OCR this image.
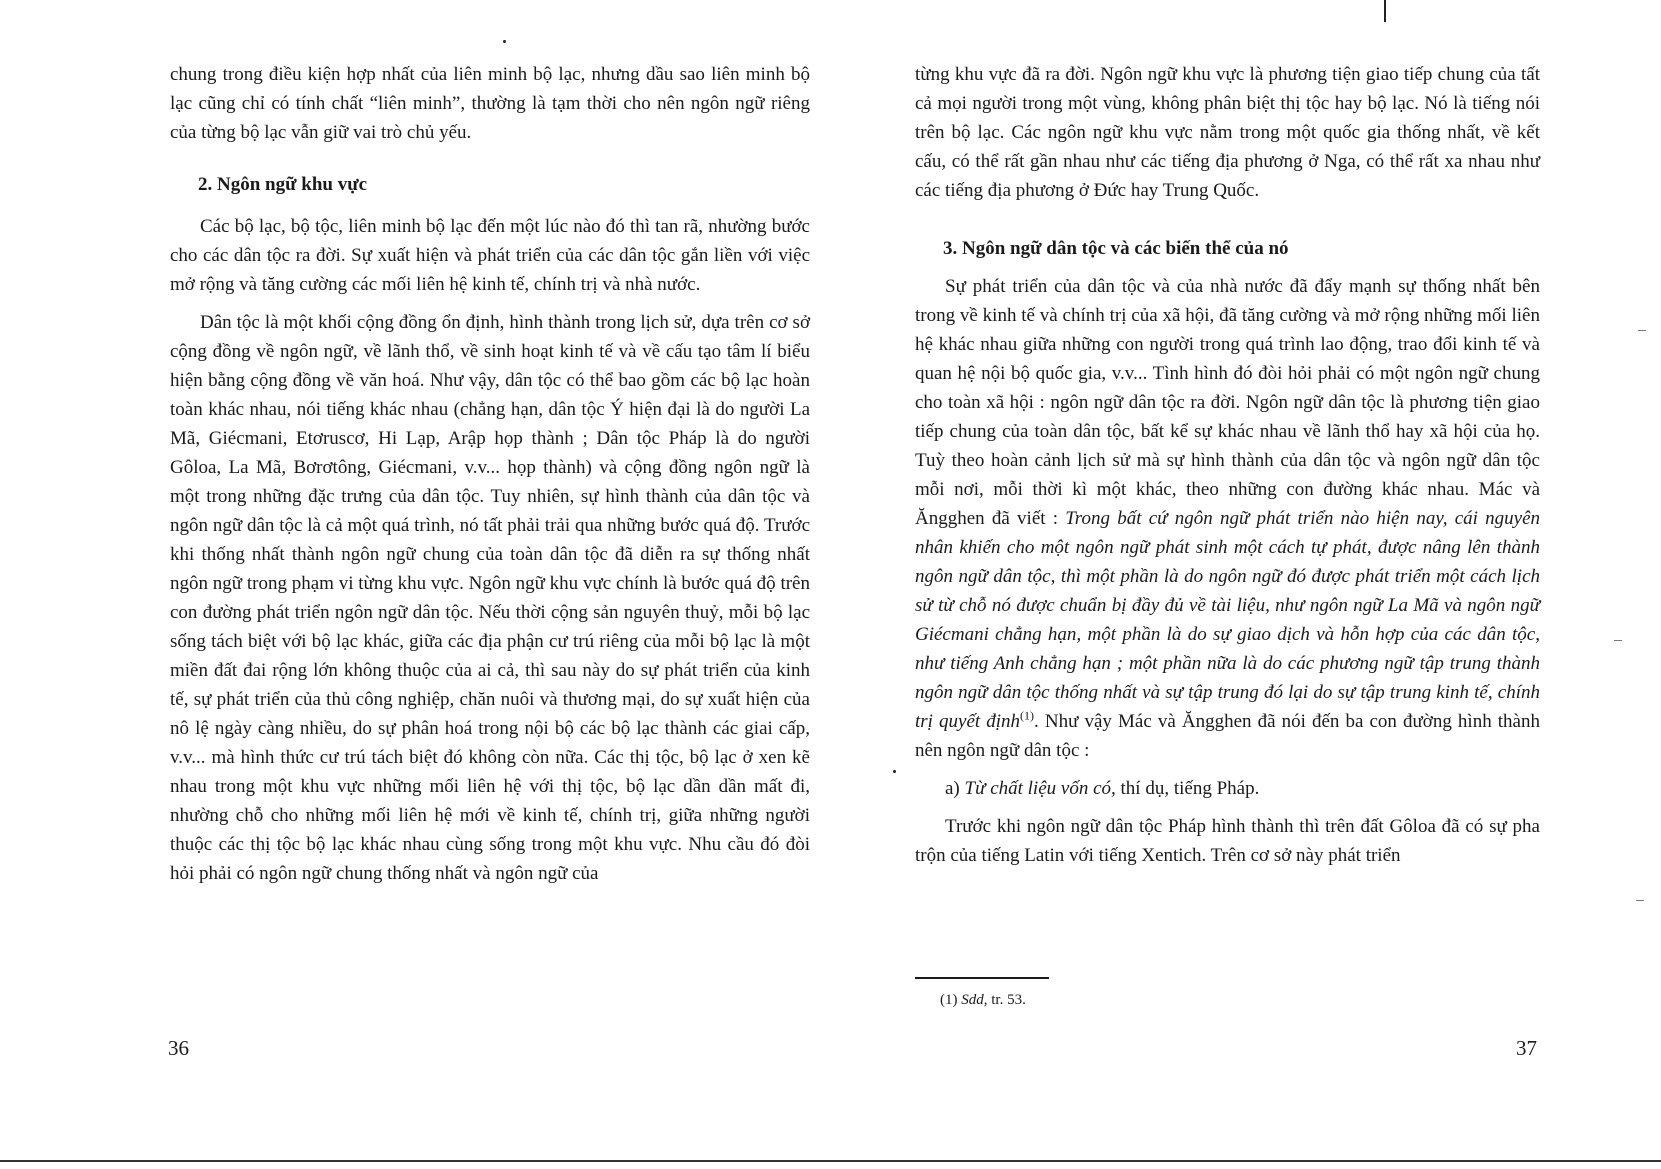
chung trong điều kiện hợp nhất của liên minh bộ lạc, nhưng dầu sao liên minh bộ lạc cũng chỉ có tính chất “liên minh”, thường là tạm thời cho nên ngôn ngữ riêng của từng bộ lạc vẫn giữ vai trò chủ yếu.

2. Ngôn ngữ khu vực

Các bộ lạc, bộ tộc, liên minh bộ lạc đến một lúc nào đó thì tan rã, nhường bước cho các dân tộc ra đời. Sự xuất hiện và phát triển của các dân tộc gắn liền với việc mở rộng và tăng cường các mối liên hệ kinh tế, chính trị và nhà nước.

Dân tộc là một khối cộng đồng ổn định, hình thành trong lịch sử, dựa trên cơ sở cộng đồng về ngôn ngữ, về lãnh thổ, về sinh hoạt kinh tế và về cấu tạo tâm lí biểu hiện bằng cộng đồng về văn hoá. Như vậy, dân tộc có thể bao gồm các bộ lạc hoàn toàn khác nhau, nói tiếng khác nhau (chẳng hạn, dân tộc Ý hiện đại là do người La Mã, Giécmani, Etơruscơ, Hi Lạp, Arập họp thành ; Dân tộc Pháp là do người Gôloa, La Mã, Bơrơtông, Giécmani, v.v... họp thành) và cộng đồng ngôn ngữ là một trong những đặc trưng của dân tộc. Tuy nhiên, sự hình thành của dân tộc và ngôn ngữ dân tộc là cả một quá trình, nó tất phải trải qua những bước quá độ. Trước khi thống nhất thành ngôn ngữ chung của toàn dân tộc đã diễn ra sự thống nhất ngôn ngữ trong phạm vi từng khu vực. Ngôn ngữ khu vực chính là bước quá độ trên con đường phát triển ngôn ngữ dân tộc. Nếu thời cộng sản nguyên thuỷ, mỗi bộ lạc sống tách biệt với bộ lạc khác, giữa các địa phận cư trú riêng của mỗi bộ lạc là một miền đất đai rộng lớn không thuộc của ai cả, thì sau này do sự phát triển của kinh tế, sự phát triển của thủ công nghiệp, chăn nuôi và thương mại, do sự xuất hiện của nô lệ ngày càng nhiều, do sự phân hoá trong nội bộ các bộ lạc thành các giai cấp, v.v... mà hình thức cư trú tách biệt đó không còn nữa. Các thị tộc, bộ lạc ở xen kẽ nhau trong một khu vực những mối liên hệ với thị tộc, bộ lạc dần dần mất đi, nhường chỗ cho những mối liên hệ mới về kinh tế, chính trị, giữa những người thuộc các thị tộc bộ lạc khác nhau cùng sống trong một khu vực. Nhu cầu đó đòi hỏi phải có ngôn ngữ chung thống nhất và ngôn ngữ của

36

từng khu vực đã ra đời. Ngôn ngữ khu vực là phương tiện giao tiếp chung của tất cả mọi người trong một vùng, không phân biệt thị tộc hay bộ lạc. Nó là tiếng nói trên bộ lạc. Các ngôn ngữ khu vực nằm trong một quốc gia thống nhất, về kết cấu, có thể rất gần nhau như các tiếng địa phương ở Nga, có thể rất xa nhau như các tiếng địa phương ở Đức hay Trung Quốc.

3. Ngôn ngữ dân tộc và các biến thể của nó

Sự phát triển của dân tộc và của nhà nước đã đẩy mạnh sự thống nhất bên trong về kinh tế và chính trị của xã hội, đã tăng cường và mở rộng những mối liên hệ khác nhau giữa những con người trong quá trình lao động, trao đổi kinh tế và quan hệ nội bộ quốc gia, v.v... Tình hình đó đòi hỏi phải có một ngôn ngữ chung cho toàn xã hội : ngôn ngữ dân tộc ra đời. Ngôn ngữ dân tộc là phương tiện giao tiếp chung của toàn dân tộc, bất kể sự khác nhau về lãnh thổ hay xã hội của họ. Tuỳ theo hoàn cảnh lịch sử mà sự hình thành của dân tộc và ngôn ngữ dân tộc mỗi nơi, mỗi thời kì một khác, theo những con đường khác nhau. Mác và Ăngghen đã viết : Trong bất cứ ngôn ngữ phát triển nào hiện nay, cái nguyên nhân khiến cho một ngôn ngữ phát sinh một cách tự phát, được nâng lên thành ngôn ngữ dân tộc, thì một phần là do ngôn ngữ đó được phát triển một cách lịch sử từ chỗ nó được chuẩn bị đầy đủ về tài liệu, như ngôn ngữ La Mã và ngôn ngữ Giécmani chẳng hạn, một phần là do sự giao dịch và hỗn hợp của các dân tộc, như tiếng Anh chẳng hạn ; một phần nữa là do các phương ngữ tập trung thành ngôn ngữ dân tộc thống nhất và sự tập trung đó lại do sự tập trung kinh tế, chính trị quyết định$^{(1)}$. Như vậy Mác và Ăngghen đã nói đến ba con đường hình thành nên ngôn ngữ dân tộc :

a) Từ chất liệu vốn có, thí dụ, tiếng Pháp.

Trước khi ngôn ngữ dân tộc Pháp hình thành thì trên đất Gôloa đã có sự pha trộn của tiếng Latin với tiếng Xentich. Trên cơ sở này phát triển

(1) Sdd, tr. 53.
37
